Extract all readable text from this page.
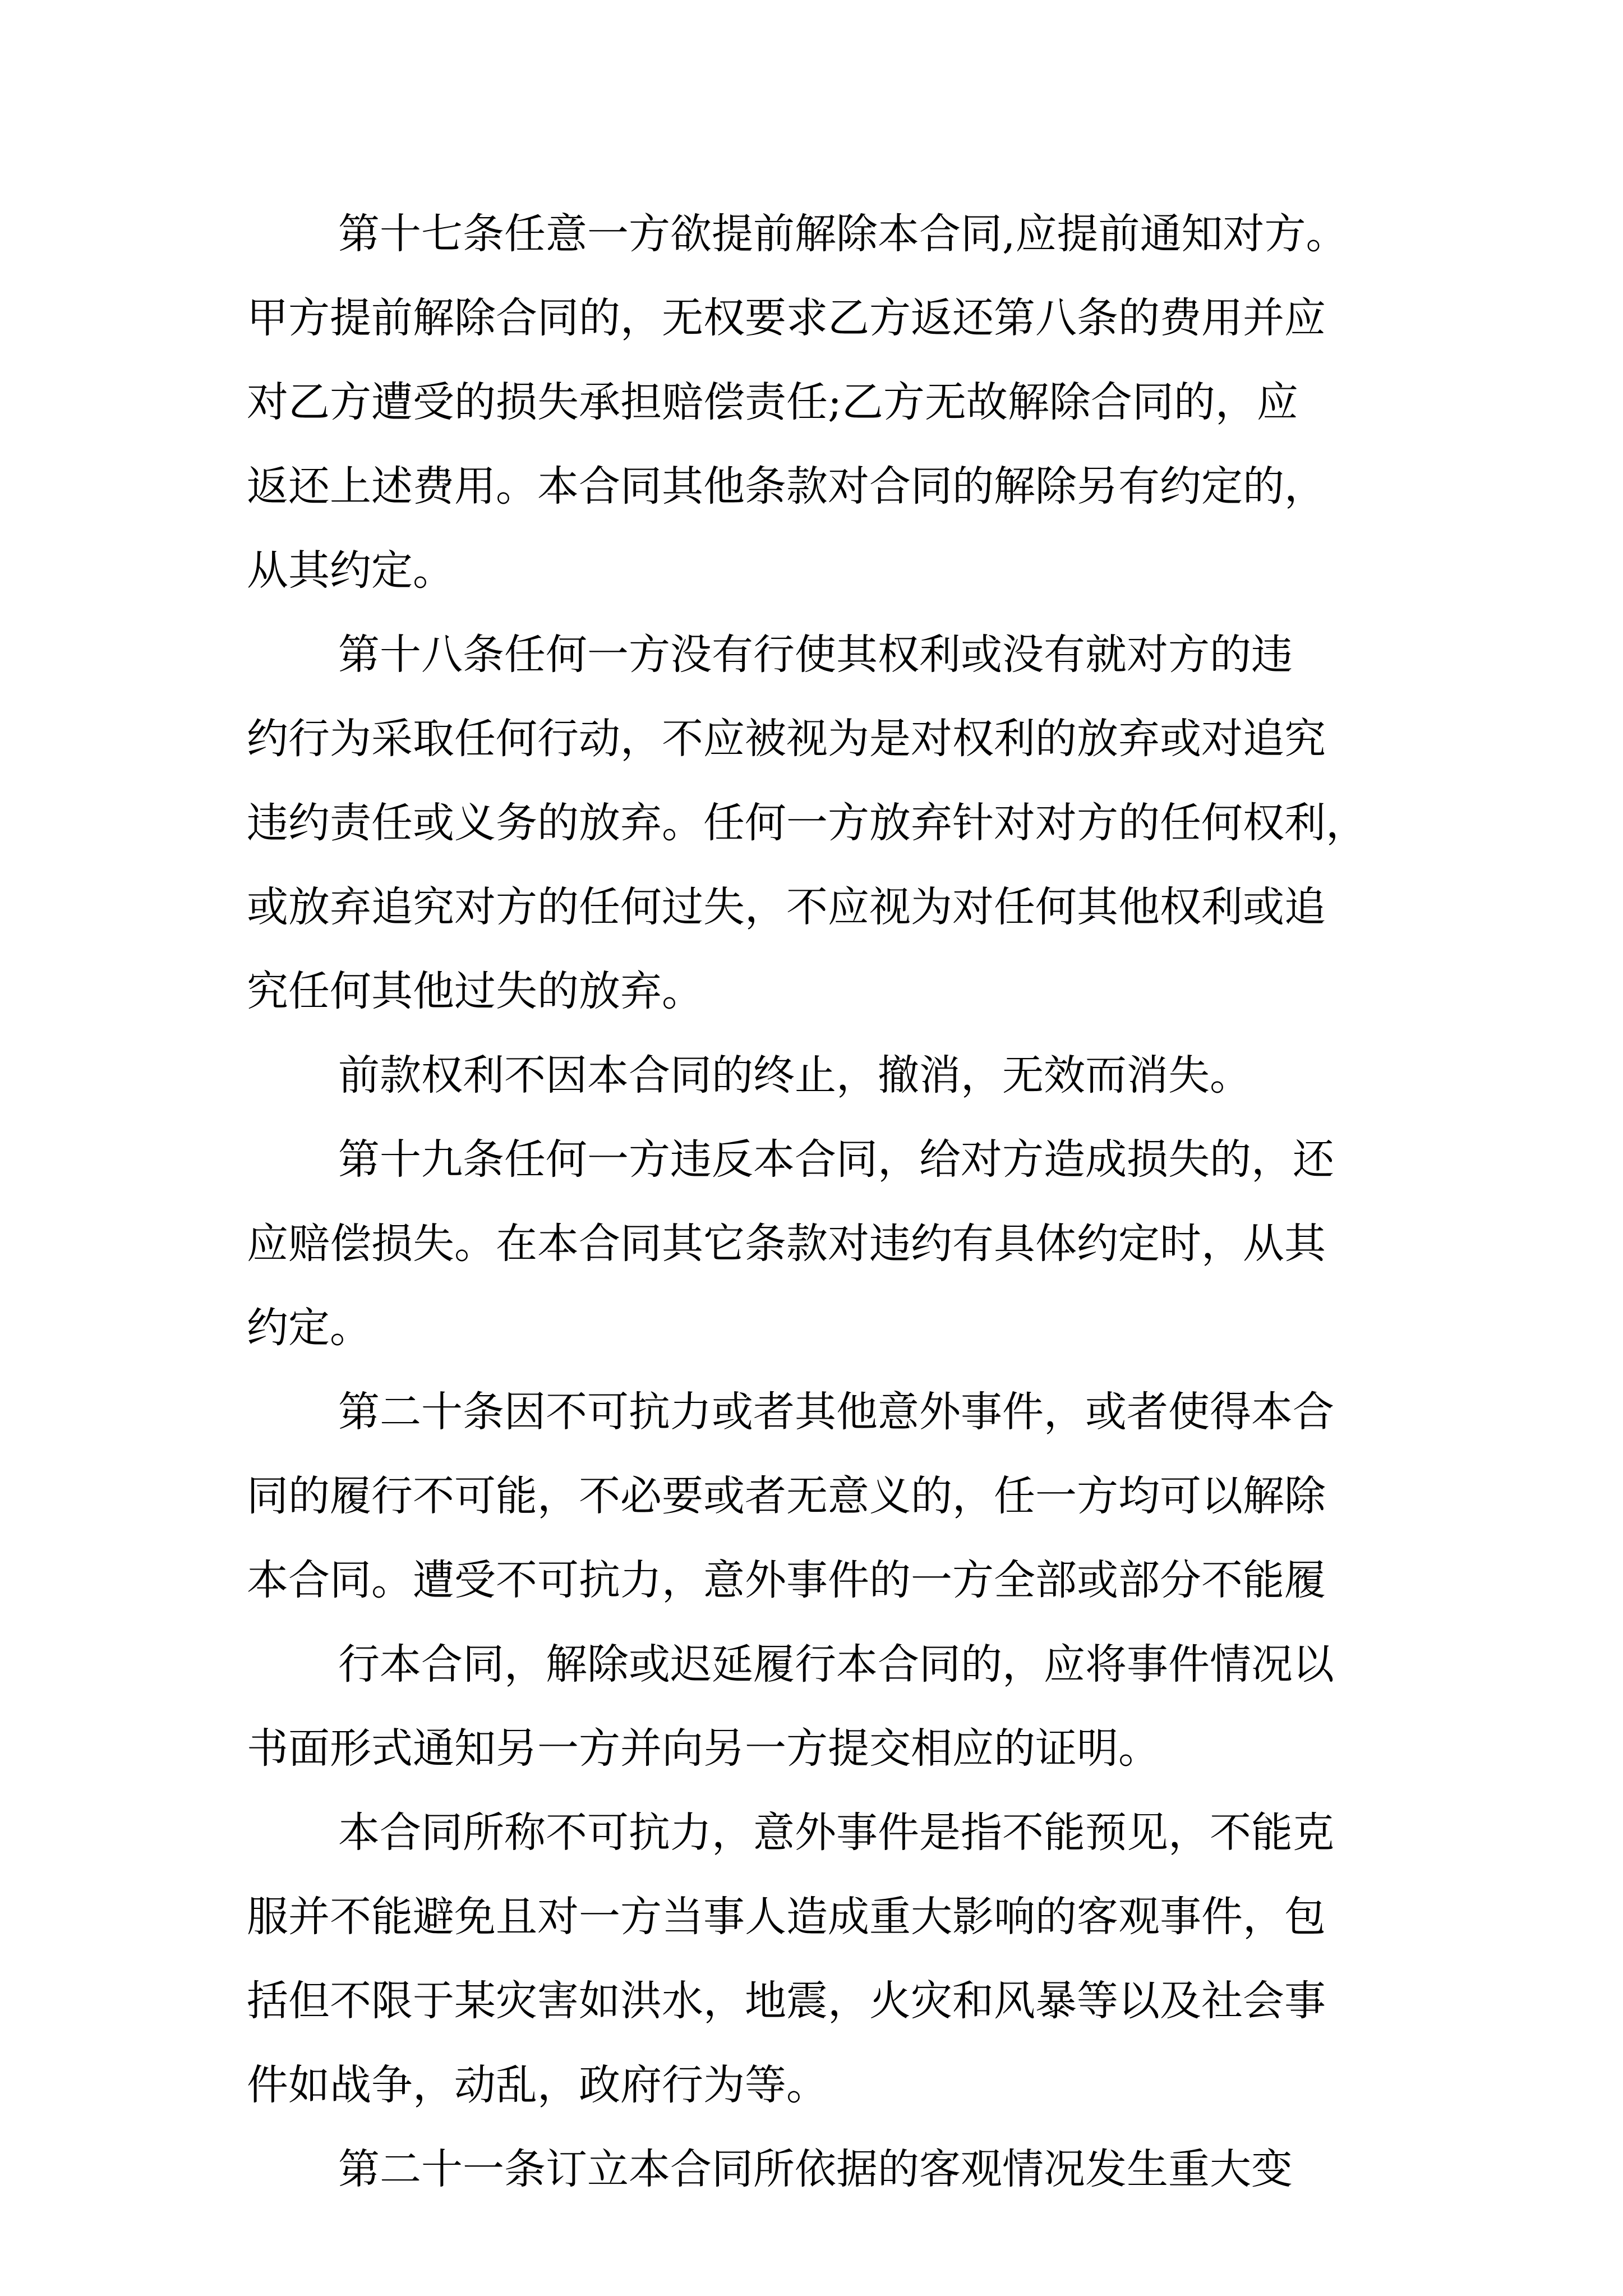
第十七条任意一方欲提前解除本合同,应提前通知对方。
甲方提前解除合同的，无权要求乙方返还第八条的费用并应
对乙方遭受的损失承担赔偿责任;乙方无故解除合同的，应
返还上述费用。本合同其他条款对合同的解除另有约定的，
从其约定。
第十八条任何一方没有行使其权利或没有就对方的违
约行为采取任何行动，不应被视为是对权利的放弃或对追究
违约责任或义务的放弃。任何一方放弃针对对方的任何权利，
或放弃追究对方的任何过失，不应视为对任何其他权利或追
究任何其他过失的放弃。
前款权利不因本合同的终止，撤消，无效而消失。
第十九条任何一方违反本合同，给对方造成损失的，还
应赔偿损失。在本合同其它条款对违约有具体约定时，从其
约定。
第二十条因不可抗力或者其他意外事件，或者使得本合
同的履行不可能，不必要或者无意义的，任一方均可以解除
本合同。遭受不可抗力，意外事件的一方全部或部分不能履
行本合同，解除或迟延履行本合同的，应将事件情况以
书面形式通知另一方并向另一方提交相应的证明。
本合同所称不可抗力，意外事件是指不能预见，不能克
服并不能避免且对一方当事人造成重大影响的客观事件，包
括但不限于某灾害如洪水，地震，火灾和风暴等以及社会事
件如战争，动乱，政府行为等。
第二十一条订立本合同所依据的客观情况发生重大变
